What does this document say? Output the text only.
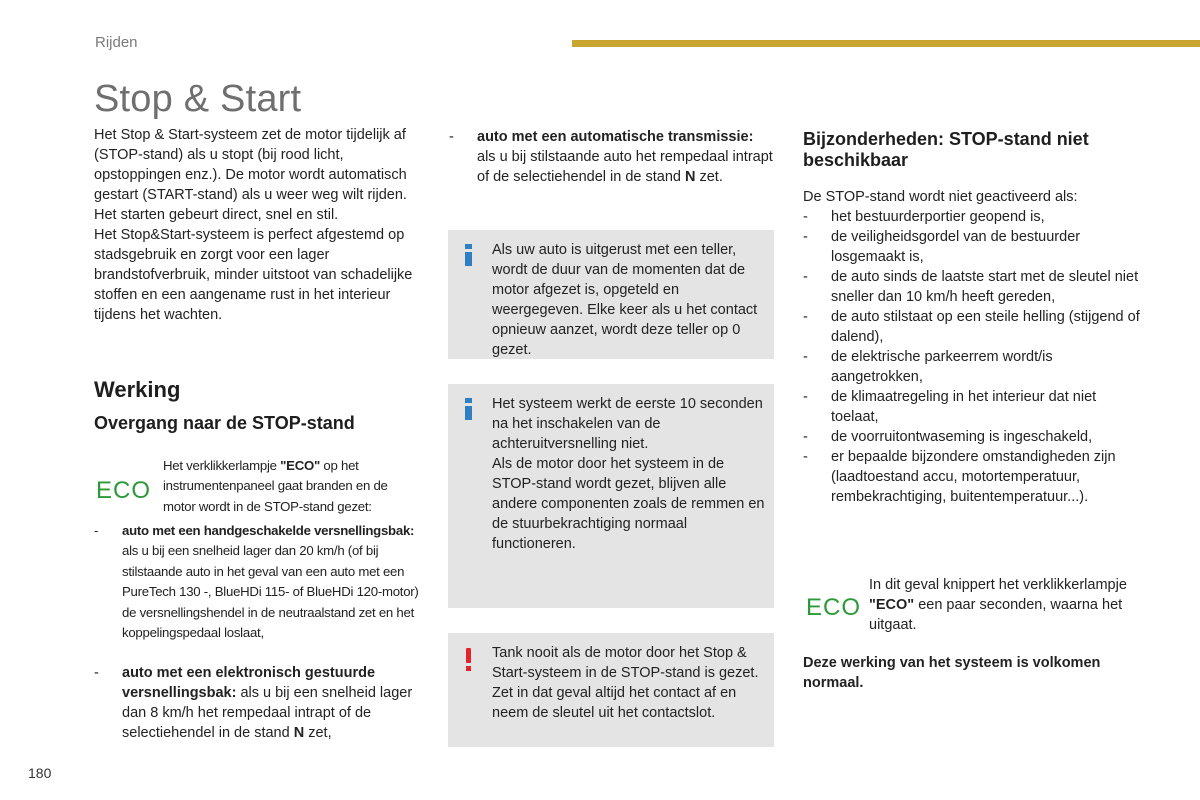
Rijden
Stop & Start

Het Stop & Start-systeem zet de motor tijdelijk af (STOP-stand) als u stopt (bij rood licht, opstoppingen enz.). De motor wordt automatisch gestart (START-stand) als u weer weg wilt rijden. Het starten gebeurt direct, snel en stil.

Het Stop&Start-systeem is perfect afgestemd op stadsgebruik en zorgt voor een lager brandstofverbruik, minder uitstoot van schadelijke stoffen en een aangename rust in het interieur tijdens het wachten.

Werking
Overgang naar de STOP-stand
ECO
Het verklikkerlampje "ECO" op het instrumentenpaneel gaat branden en de motor wordt in de STOP-stand gezet:
- auto met een handgeschakelde versnellingsbak: als u bij een snelheid lager dan 20 km/h (of bij stilstaande auto in het geval van een auto met een PureTech 130 -, BlueHDi 115- of BlueHDi 120-motor) de versnellingshendel in de neutraalstand zet en het koppelingspedaal loslaat,
- auto met een elektronisch gestuurde versnellingsbak: als u bij een snelheid lager dan 8 km/h het rempedaal intrapt of de selectiehendel in de stand N zet,
- auto met een automatische transmissie: als u bij stilstaande auto het rempedaal intrapt of de selectiehendel in de stand N zet.
Als uw auto is uitgerust met een teller, wordt de duur van de momenten dat de motor afgezet is, opgeteld en weergegeven. Elke keer als u het contact opnieuw aanzet, wordt deze teller op 0 gezet.
Het systeem werkt de eerste 10 seconden na het inschakelen van de achteruitversnelling niet.
Als de motor door het systeem in de STOP-stand wordt gezet, blijven alle andere componenten zoals de remmen en de stuurbekrachtiging normaal functioneren.
Tank nooit als de motor door het Stop & Start-systeem in de STOP-stand is gezet. Zet in dat geval altijd het contact af en neem de sleutel uit het contactslot.
Bijzonderheden: STOP-stand niet beschikbaar

De STOP-stand wordt niet geactiveerd als:

- het bestuurderportier geopend is,
- de veiligheidsgordel van de bestuurder losgemaakt is,
- de auto sinds de laatste start met de sleutel niet sneller dan 10 km/h heeft gereden,
- de auto stilstaat op een steile helling (stijgend of dalend),
- de elektrische parkeerrem wordt/is aangetrokken,
- de klimaatregeling in het interieur dat niet toelaat,
- de voorruitontwaseming is ingeschakeld,
- er bepaalde bijzondere omstandigheden zijn (laadtoestand accu, motortemperatuur, rembekrachtiging, buitentemperatuur...).
ECO
In dit geval knippert het verklikkerlampje "ECO" een paar seconden, waarna het uitgaat.
Deze werking van het systeem is volkomen normaal.
180
